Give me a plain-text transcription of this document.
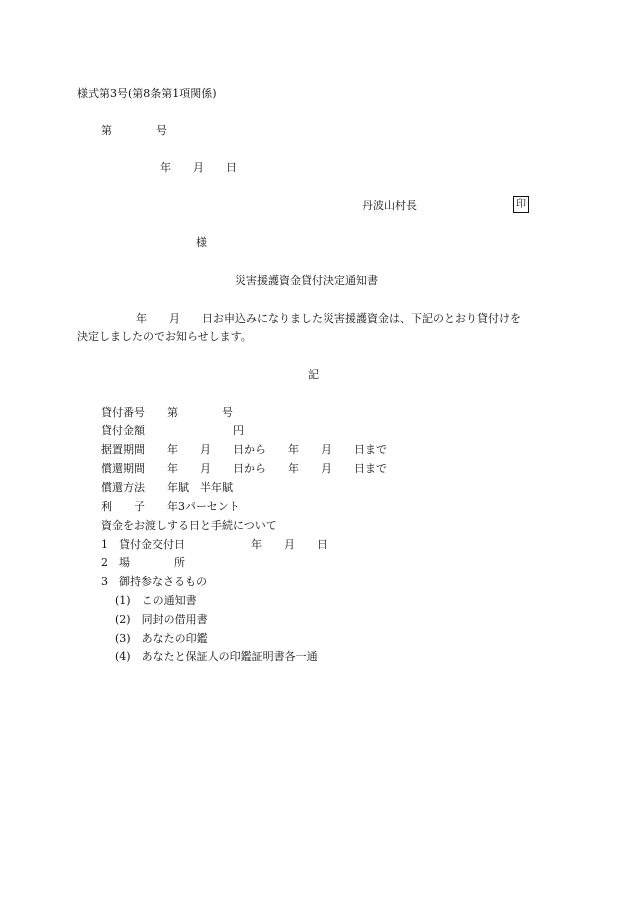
様式第3号(第8条第1項関係)
第　　　　号
年　　月　　日
丹波山村長	印
様
災害援護資金貸付決定通知書
年　　月　　日お申込みになりました災害援護資金は、下記のとおり貸付けを
決定しましたのでお知らせします。
記
貸付番号　　第　　　　号
貸付金額　　　　　　　　円
据置期間　　年　　月　　日から　　年　　月　　日まで
償還期間　　年　　月　　日から　　年　　月　　日まで
償還方法　　年賦　半年賦
利　　子　　年3パーセント
資金をお渡しする日と手続について
1　貸付金交付日　　　　　　年　　月　　日
2　場　　　　所
3　御持参なさるもの
(1)　この通知書
(2)　同封の借用書
(3)　あなたの印鑑
(4)　あなたと保証人の印鑑証明書各一通
